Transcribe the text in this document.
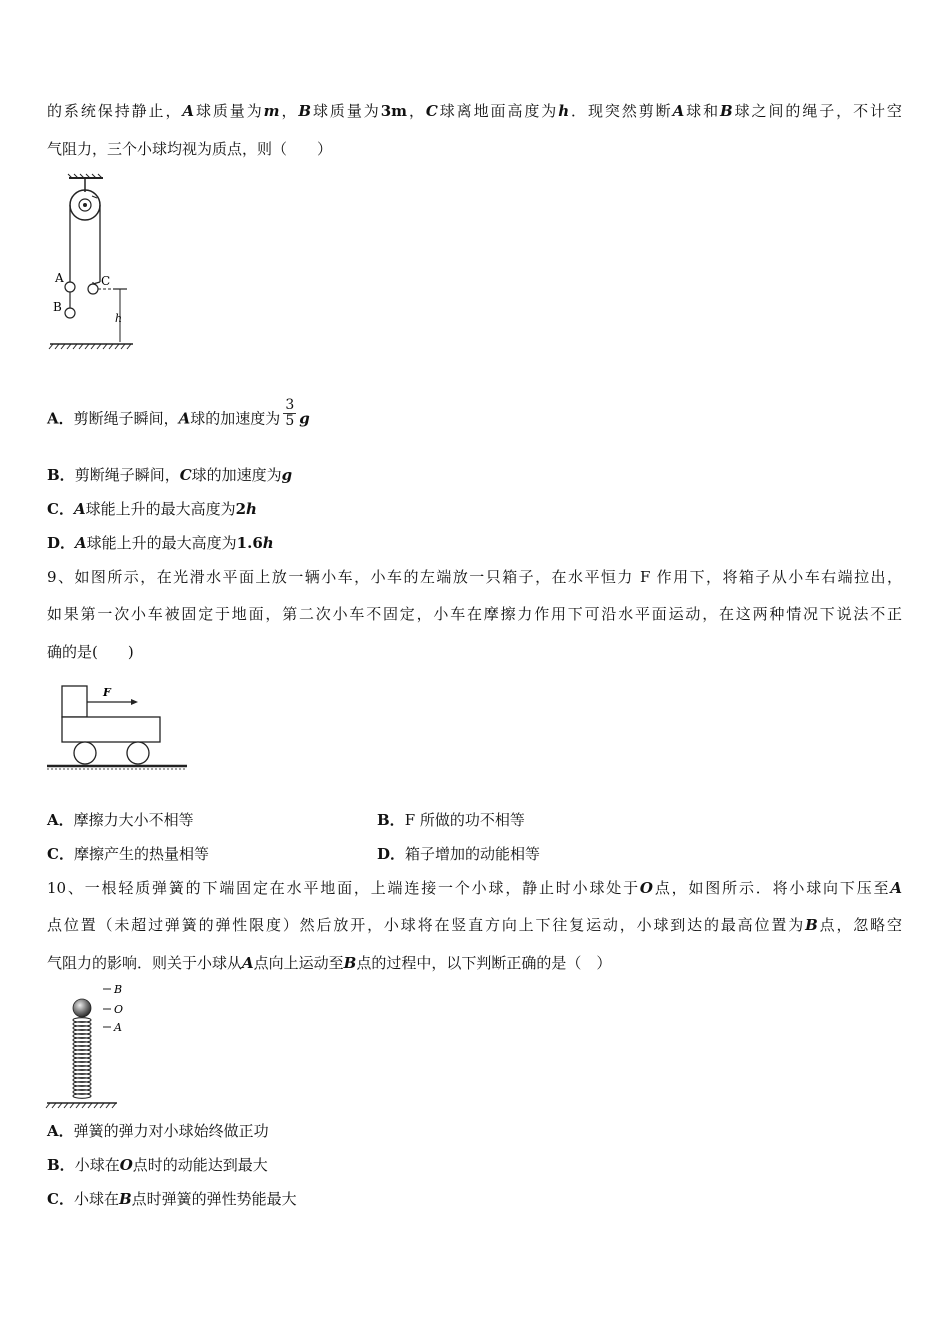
的系统保持静止，A球质量为m，B球质量为3m，C球离地面高度为h．现突然剪断A球和B球之间的绳子，不计空
气阻力，三个小球均视为质点，则（　　）
A
B
C
h
A．剪断绳子瞬间，A球的加速度为 $\frac{3}{5}$ g
B．剪断绳子瞬间，C球的加速度为g
C．A球能上升的最大高度为2h
D．A球能上升的最大高度为1.6h
9、如图所示，在光滑水平面上放一辆小车，小车的左端放一只箱子，在水平恒力 F 作用下，将箱子从小车右端拉出，
如果第一次小车被固定于地面，第二次小车不固定，小车在摩擦力作用下可沿水平面运动，在这两种情况下说法不正
确的是(　　)
F
A．摩擦力大小不相等	B．F 所做的功不相等
C．摩擦产生的热量相等	D．箱子增加的动能相等
10、一根轻质弹簧的下端固定在水平地面，上端连接一个小球，静止时小球处于O点，如图所示．将小球向下压至A
点位置（未超过弹簧的弹性限度）然后放开，小球将在竖直方向上下往复运动，小球到达的最高位置为B点，忽略空
气阻力的影响．则关于小球从A点向上运动至B点的过程中，以下判断正确的是（　）
B
O
A
A．弹簧的弹力对小球始终做正功
B．小球在O点时的动能达到最大
C．小球在B点时弹簧的弹性势能最大
